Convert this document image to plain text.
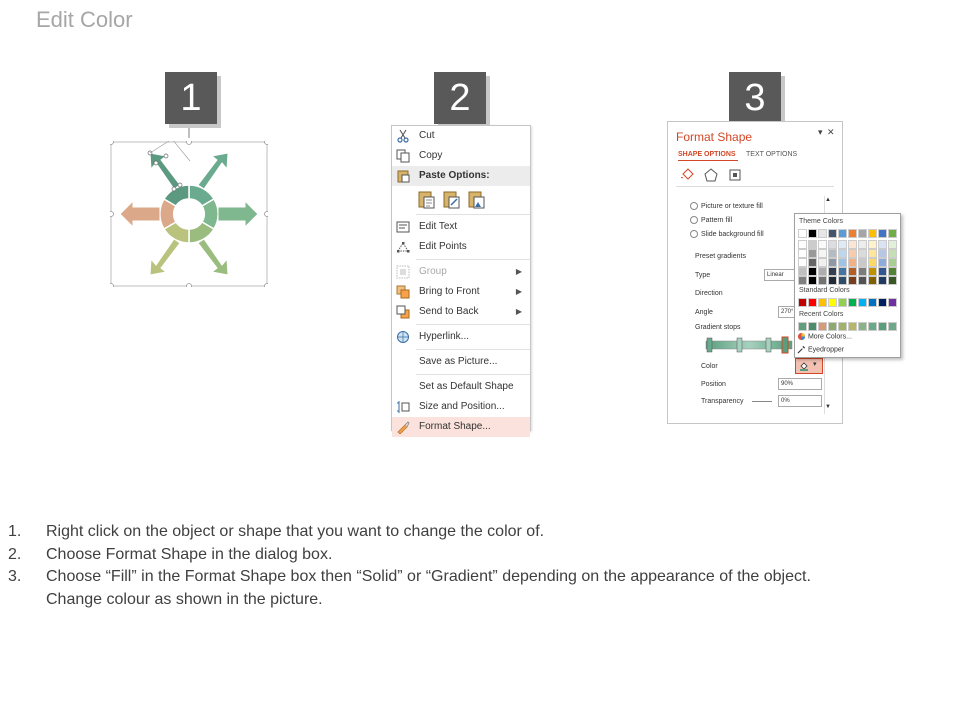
Edit Color
1	2	3
Cut
Copy
Paste Options:
Edit Text
Edit Points
Group	▶
Bring to Front	▶
Send to Back	▶
Hyperlink...
Save as Picture...
Set as Default Shape
Size and Position...
Format Shape...
Format Shape	▾ ✕
SHAPE OPTIONS TEXT OPTIONS
▲
▼
Picture or texture fill
Pattern fill
Slide background fill
Preset gradients
Type	Linear
Direction
Angle	270°
Gradient stops
Color	▾
Position	90%
Transparency	0%
Theme Colors
Standard Colors
Recent Colors
More Colors...
Eyedropper
1. Right click on the object or shape that you want to change the color of.
2. Choose Format Shape in the dialog box.
3. Choose “Fill” in the Format Shape box then “Solid” or “Gradient” depending on the appearance of the object.
Change colour as shown in the picture.
